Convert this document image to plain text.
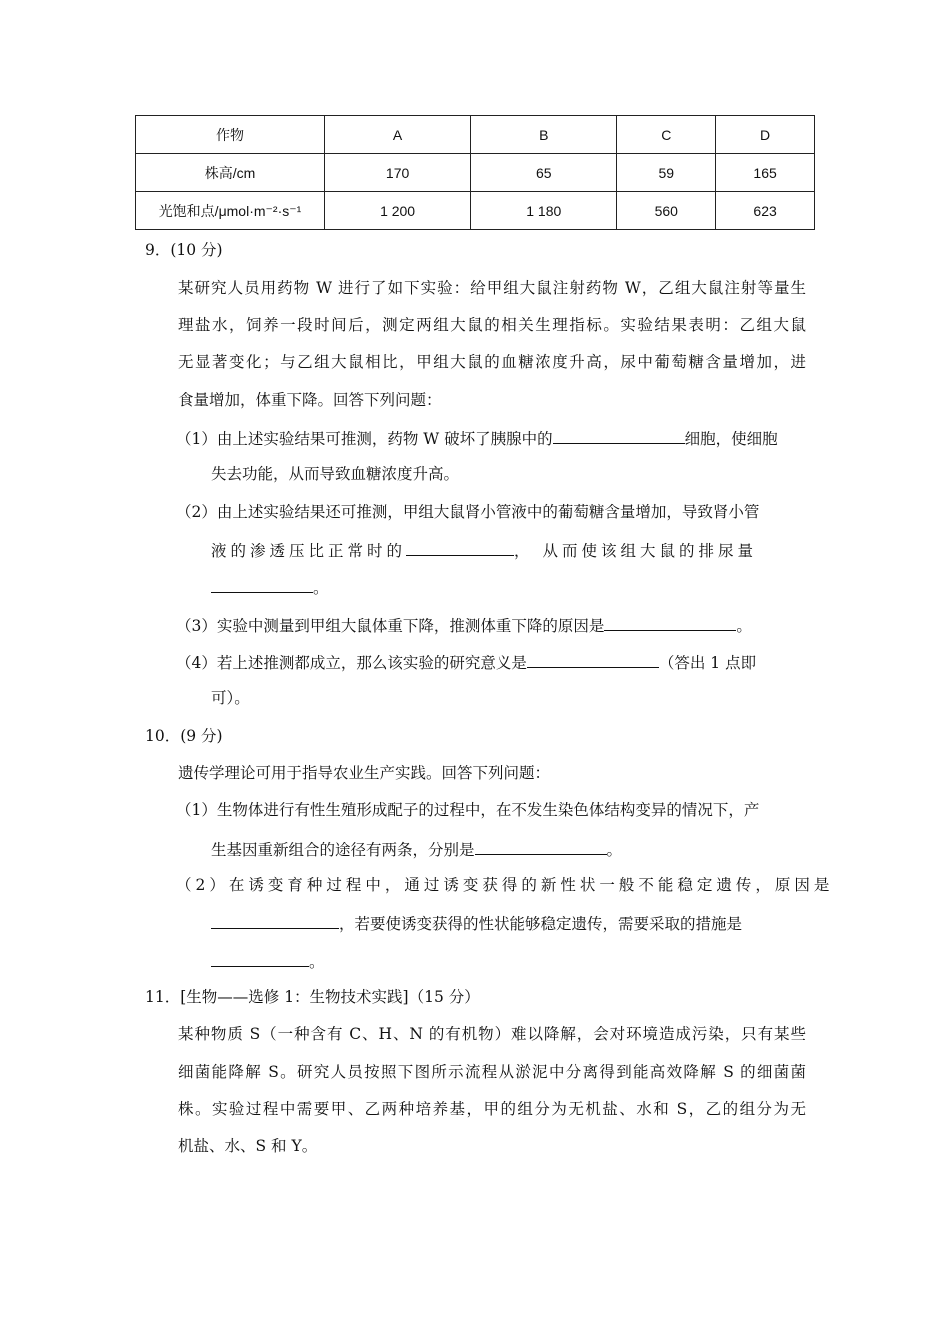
作物	A	B	C	D
株高/cm	170	65	59	165
光饱和点/μmol·m⁻²·s⁻¹	1 200	1 180	560	623
9．(10 分)
某研究人员用药物 W 进行了如下实验：给甲组大鼠注射药物 W，乙组大鼠注射等量生
理盐水，饲养一段时间后，测定两组大鼠的相关生理指标。实验结果表明：乙组大鼠
无显著变化；与乙组大鼠相比，甲组大鼠的血糖浓度升高，尿中葡萄糖含量增加，进
食量增加，体重下降。回答下列问题：
（1）由上述实验结果可推测，药物 W 破坏了胰腺中的	细胞，使细胞
失去功能，从而导致血糖浓度升高。
（2）由上述实验结果还可推测，甲组大鼠肾小管液中的葡萄糖含量增加，导致肾小管
液的渗透压比正常时的	， 从而使该组大鼠的排尿量
。
（3）实验中测量到甲组大鼠体重下降，推测体重下降的原因是	。
（4）若上述推测都成立，那么该实验的研究意义是	（答出 1 点即
可）。
10．(9 分)
遗传学理论可用于指导农业生产实践。回答下列问题：
（1）生物体进行有性生殖形成配子的过程中，在不发生染色体结构变异的情况下，产
生基因重新组合的途径有两条，分别是	。
（2）在诱变育种过程中，通过诱变获得的新性状一般不能稳定遗传，原因是
，若要使诱变获得的性状能够稳定遗传，需要采取的措施是
。
11．[生物——选修 1：生物技术实践]（15 分）
某种物质 S（一种含有 C、H、N 的有机物）难以降解，会对环境造成污染，只有某些
细菌能降解 S。研究人员按照下图所示流程从淤泥中分离得到能高效降解 S 的细菌菌
株。实验过程中需要甲、乙两种培养基，甲的组分为无机盐、水和 S，乙的组分为无
机盐、水、S 和 Y。
